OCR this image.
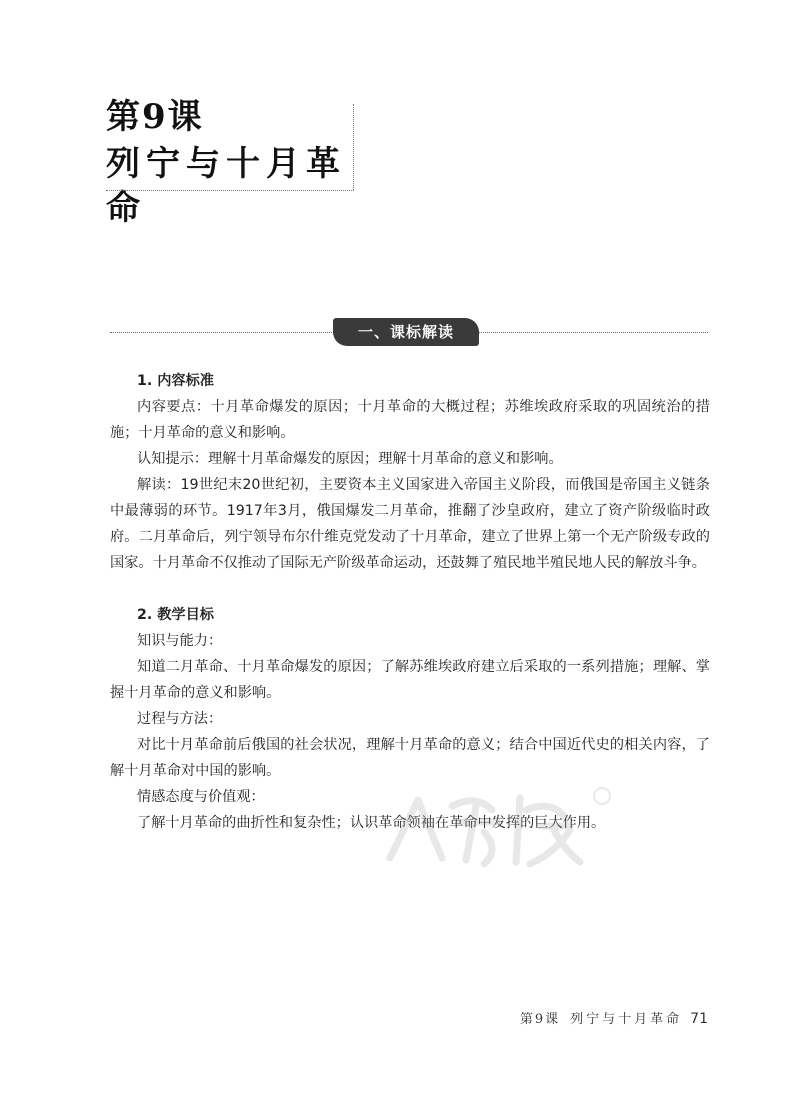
第9课
列宁与十月革命
一、课标解读

1. 内容标准

内容要点：十月革命爆发的原因；十月革命的大概过程；苏维埃政府采取的巩固统治的措施；十月革命的意义和影响。

认知提示：理解十月革命爆发的原因；理解十月革命的意义和影响。

解读：19世纪末20世纪初，主要资本主义国家进入帝国主义阶段，而俄国是帝国主义链条中最薄弱的环节。1917年3月，俄国爆发二月革命，推翻了沙皇政府，建立了资产阶级临时政府。二月革命后，列宁领导布尔什维克党发动了十月革命，建立了世界上第一个无产阶级专政的国家。十月革命不仅推动了国际无产阶级革命运动，还鼓舞了殖民地半殖民地人民的解放斗争。

2. 教学目标

知识与能力：

知道二月革命、十月革命爆发的原因；了解苏维埃政府建立后采取的一系列措施；理解、掌握十月革命的意义和影响。

过程与方法：

对比十月革命前后俄国的社会状况，理解十月革命的意义；结合中国近代史的相关内容，了解十月革命对中国的影响。

情感态度与价值观：

了解十月革命的曲折性和复杂性；认识革命领袖在革命中发挥的巨大作用。

第9课 列宁与十月革命 71
